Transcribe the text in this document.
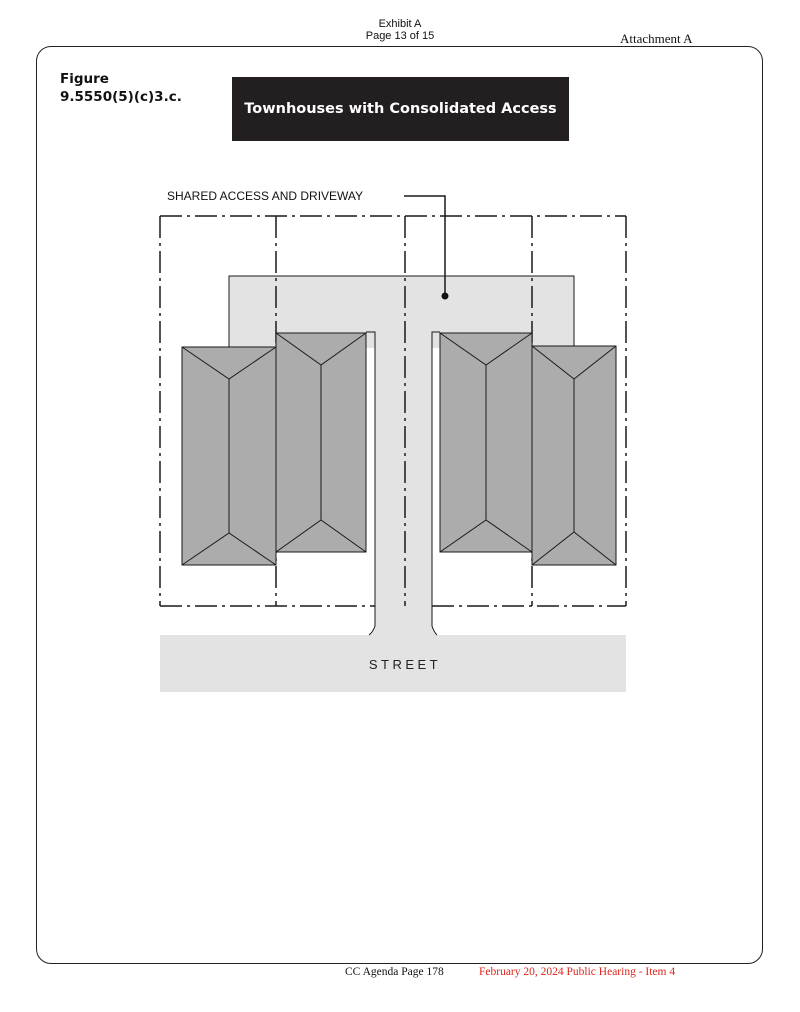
Exhibit A
Page 13 of 15	Attachment A
Figure
9.5550(5)(c)3.c.
Townhouses with Consolidated Access
STREET
SHARED ACCESS AND DRIVEWAY
CC Agenda Page 178	February 20, 2024 Public Hearing - Item 4
